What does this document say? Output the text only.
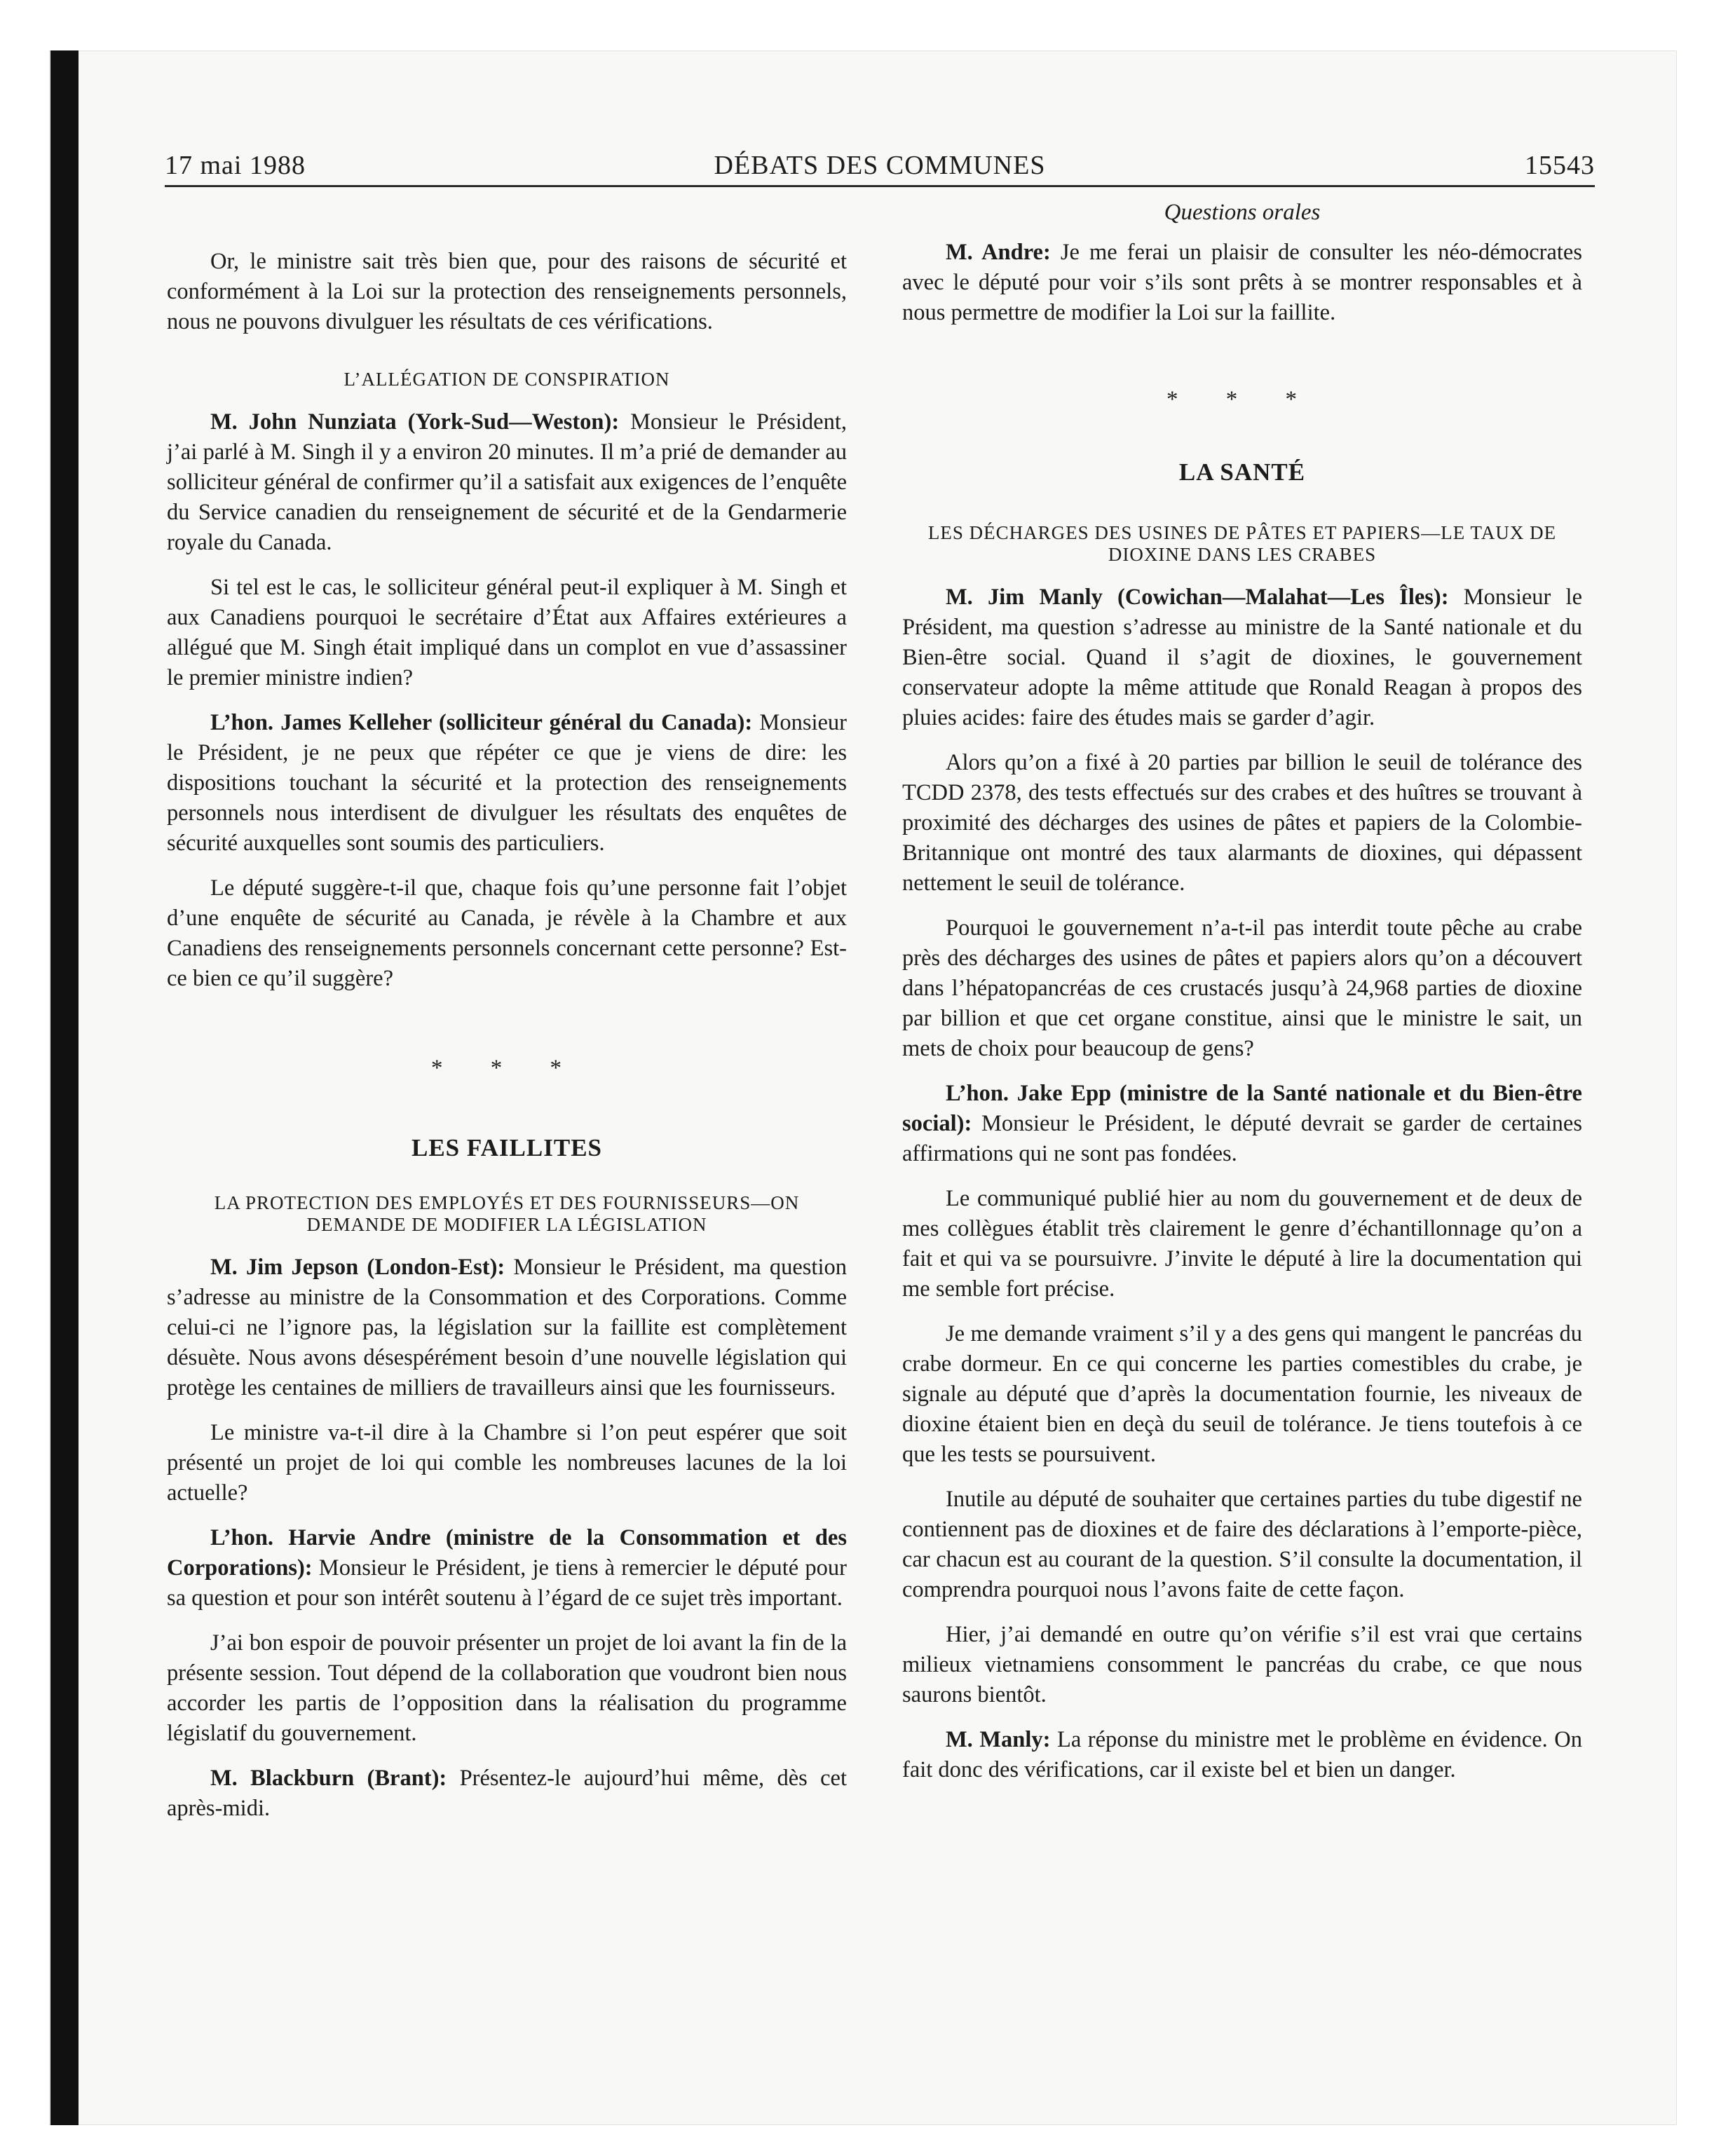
17 mai 1988	DÉBATS DES COMMUNES	15543

Or, le ministre sait très bien que, pour des raisons de sécurité et conformément à la Loi sur la protection des renseignements personnels, nous ne pouvons divulguer les résultats de ces vérifications.

L’ALLÉGATION DE CONSPIRATION

M. John Nunziata (York-Sud—Weston): Monsieur le Président, j’ai parlé à M. Singh il y a environ 20 minutes. Il m’a prié de demander au solliciteur général de confirmer qu’il a satisfait aux exigences de l’enquête du Service canadien du renseignement de sécurité et de la Gendarmerie royale du Canada.

Si tel est le cas, le solliciteur général peut-il expliquer à M. Singh et aux Canadiens pourquoi le secrétaire d’État aux Affaires extérieures a allégué que M. Singh était impliqué dans un complot en vue d’assassiner le premier ministre indien?

L’hon. James Kelleher (solliciteur général du Canada): Monsieur le Président, je ne peux que répéter ce que je viens de dire: les dispositions touchant la sécurité et la protection des renseignements personnels nous interdisent de divulguer les résultats des enquêtes de sécurité auxquelles sont soumis des particuliers.

Le député suggère-t-il que, chaque fois qu’une personne fait l’objet d’une enquête de sécurité au Canada, je révèle à la Chambre et aux Canadiens des renseignements personnels concernant cette personne? Est-ce bien ce qu’il suggère?

* * *
LES FAILLITES
LA PROTECTION DES EMPLOYÉS ET DES FOURNISSEURS—ON DEMANDE DE MODIFIER LA LÉGISLATION

M. Jim Jepson (London-Est): Monsieur le Président, ma question s’adresse au ministre de la Consommation et des Corporations. Comme celui-ci ne l’ignore pas, la législation sur la faillite est complètement désuète. Nous avons désespérément besoin d’une nouvelle législation qui protège les centaines de milliers de travailleurs ainsi que les fournisseurs.

Le ministre va-t-il dire à la Chambre si l’on peut espérer que soit présenté un projet de loi qui comble les nombreuses lacunes de la loi actuelle?

L’hon. Harvie Andre (ministre de la Consommation et des Corporations): Monsieur le Président, je tiens à remercier le député pour sa question et pour son intérêt soutenu à l’égard de ce sujet très important.

J’ai bon espoir de pouvoir présenter un projet de loi avant la fin de la présente session. Tout dépend de la collaboration que voudront bien nous accorder les partis de l’opposition dans la réalisation du programme législatif du gouvernement.

M. Blackburn (Brant): Présentez-le aujourd’hui même, dès cet après-midi.

Questions orales

M. Andre: Je me ferai un plaisir de consulter les néo-démocrates avec le député pour voir s’ils sont prêts à se montrer responsables et à nous permettre de modifier la Loi sur la faillite.

* * *
LA SANTÉ
LES DÉCHARGES DES USINES DE PÂTES ET PAPIERS—LE TAUX DE DIOXINE DANS LES CRABES

M. Jim Manly (Cowichan—Malahat—Les Îles): Monsieur le Président, ma question s’adresse au ministre de la Santé nationale et du Bien-être social. Quand il s’agit de dioxines, le gouvernement conservateur adopte la même attitude que Ronald Reagan à propos des pluies acides: faire des études mais se garder d’agir.

Alors qu’on a fixé à 20 parties par billion le seuil de tolérance des TCDD 2378, des tests effectués sur des crabes et des huîtres se trouvant à proximité des décharges des usines de pâtes et papiers de la Colombie-Britannique ont montré des taux alarmants de dioxines, qui dépassent nettement le seuil de tolérance.

Pourquoi le gouvernement n’a-t-il pas interdit toute pêche au crabe près des décharges des usines de pâtes et papiers alors qu’on a découvert dans l’hépatopancréas de ces crustacés jusqu’à 24,968 parties de dioxine par billion et que cet organe constitue, ainsi que le ministre le sait, un mets de choix pour beaucoup de gens?

L’hon. Jake Epp (ministre de la Santé nationale et du Bien-être social): Monsieur le Président, le député devrait se garder de certaines affirmations qui ne sont pas fondées.

Le communiqué publié hier au nom du gouvernement et de deux de mes collègues établit très clairement le genre d’échantillonnage qu’on a fait et qui va se poursuivre. J’invite le député à lire la documentation qui me semble fort précise.

Je me demande vraiment s’il y a des gens qui mangent le pancréas du crabe dormeur. En ce qui concerne les parties comestibles du crabe, je signale au député que d’après la documentation fournie, les niveaux de dioxine étaient bien en deçà du seuil de tolérance. Je tiens toutefois à ce que les tests se poursuivent.

Inutile au député de souhaiter que certaines parties du tube digestif ne contiennent pas de dioxines et de faire des déclarations à l’emporte-pièce, car chacun est au courant de la question. S’il consulte la documentation, il comprendra pourquoi nous l’avons faite de cette façon.

Hier, j’ai demandé en outre qu’on vérifie s’il est vrai que certains milieux vietnamiens consomment le pancréas du crabe, ce que nous saurons bientôt.

M. Manly: La réponse du ministre met le problème en évidence. On fait donc des vérifications, car il existe bel et bien un danger.
